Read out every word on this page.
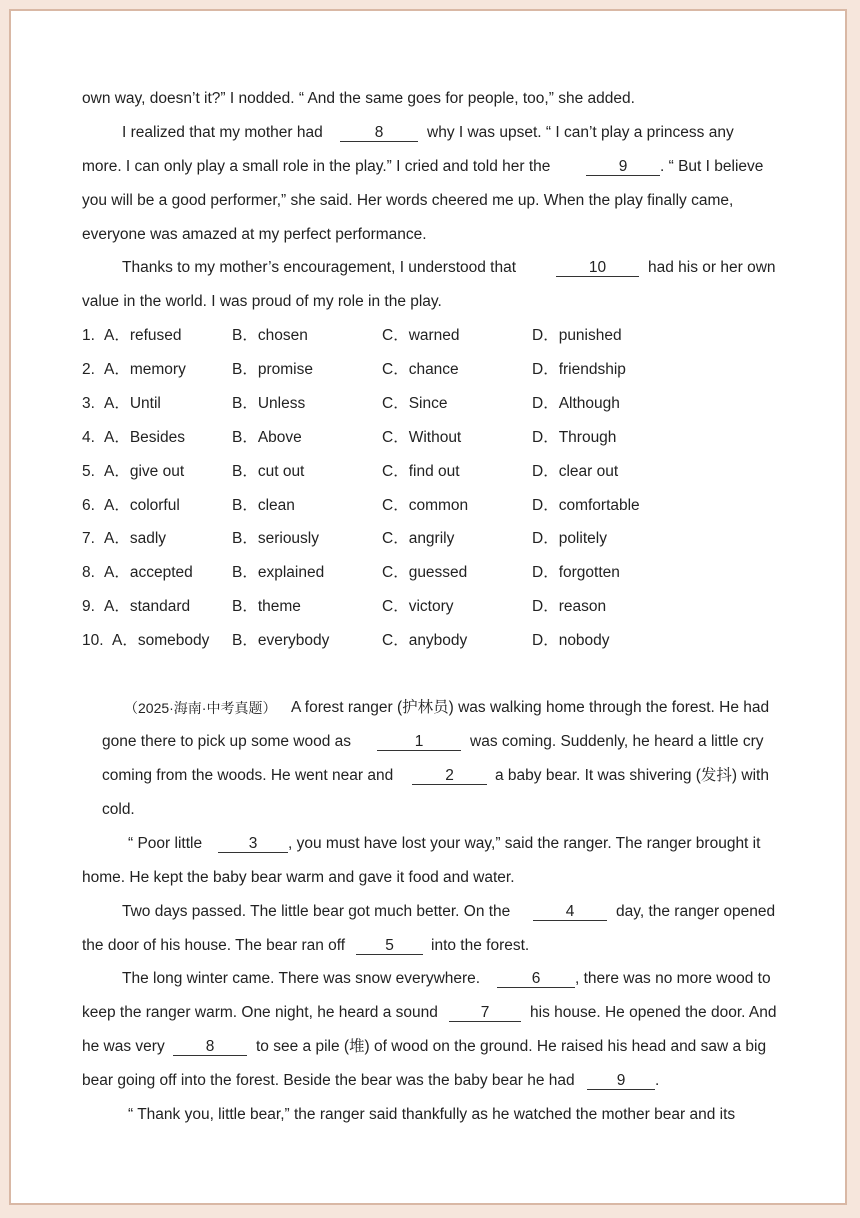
own way, doesn’t it?” I nodded. “ And the same goes for people, too,” she added.
I realized that my mother had	8	why I was upset. “ I can’t play a princess any
more. I can only play a small role in the play.” I cried and told her the	9	. “ But I believe
you will be a good performer,” she said. Her words cheered me up. When the play finally came,
everyone was amazed at my perfect performance.
Thanks to my mother’s encouragement, I understood that	10	had his or her own
value in the world. I was proud of my role in the play.
1. A．refused	B．chosen	C．warned	D．punished
2. A．memory	B．promise	C．chance	D．friendship
3. A．Until	B．Unless	C．Since	D．Although
4. A．Besides	B．Above	C．Without	D．Through
5. A．give out	B．cut out	C．find out	D．clear out
6. A．colorful	B．clean	C．common	D．comfortable
7. A．sadly	B．seriously	C．angrily	D．politely
8. A．accepted	B．explained	C．guessed	D．forgotten
9. A．standard	B．theme	C．victory	D．reason
10. A．somebody B．everybody	C．anybody	D．nobody
（2025·海南·中考真题） A forest ranger (护林员) was walking home through the forest. He had
gone there to pick up some wood as	1	was coming. Suddenly, he heard a little cry
coming from the woods. He went near and	2	a baby bear. It was shivering (发抖) with
cold.
“ Poor little	3	, you must have lost your way,” said the ranger. The ranger brought it
home. He kept the baby bear warm and gave it food and water.
Two days passed. The little bear got much better. On the	4	day, the ranger opened
the door of his house. The bear ran off	5	into the forest.
The long winter came. There was snow everywhere.	6	, there was no more wood to
keep the ranger warm. One night, he heard a sound	7	his house. He opened the door. And
he was very	8	to see a pile (堆) of wood on the ground. He raised his head and saw a big
bear going off into the forest. Beside the bear was the baby bear he had	9	.
“ Thank you, little bear,” the ranger said thankfully as he watched the mother bear and its
